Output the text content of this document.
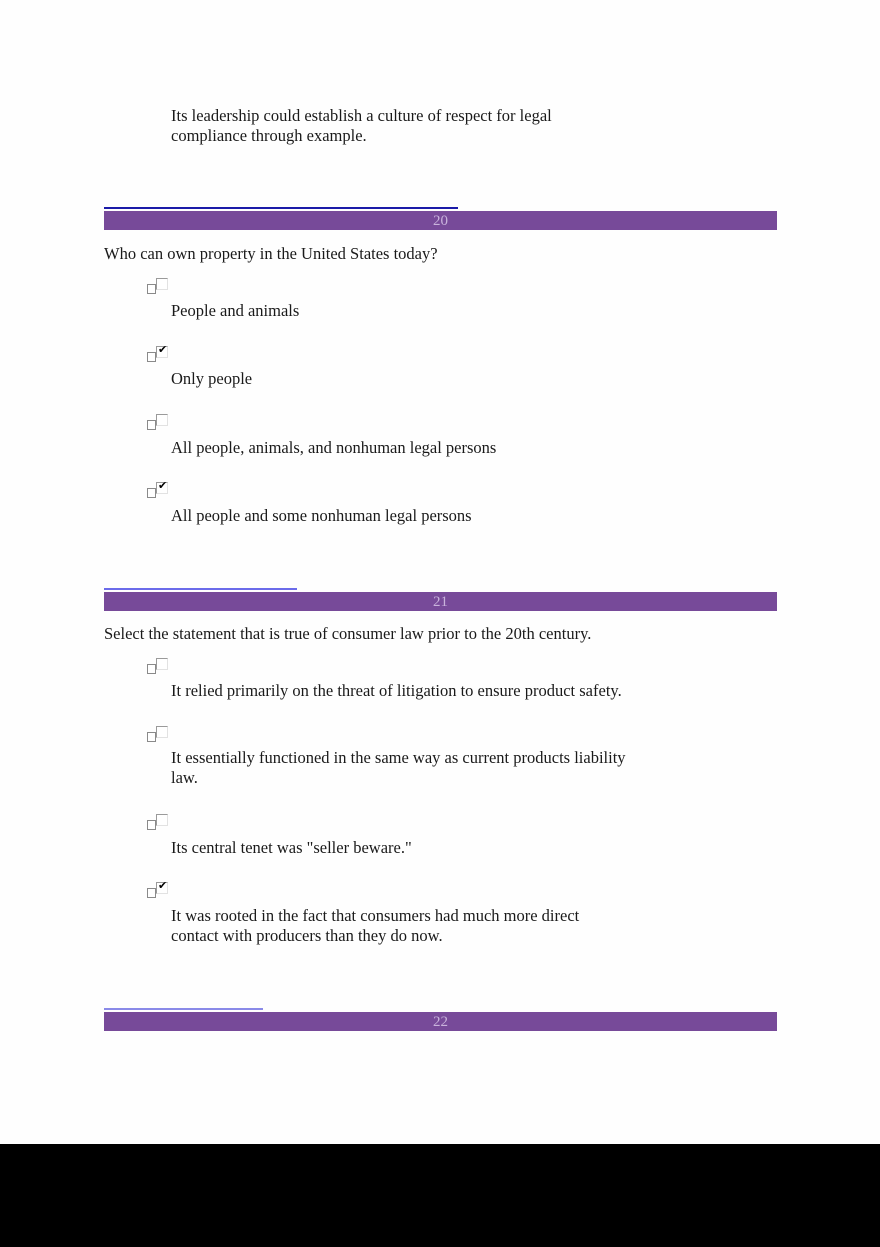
Its leadership could establish a culture of respect for legal
compliance through example.
20
Who can own property in the United States today?
People and animals
✔
Only people
All people, animals, and nonhuman legal persons
✔
All people and some nonhuman legal persons
21
Select the statement that is true of consumer law prior to the 20th century.
It relied primarily on the threat of litigation to ensure product safety.
It essentially functioned in the same way as current products liability
law.
Its central tenet was "seller beware."
✔
It was rooted in the fact that consumers had much more direct
contact with producers than they do now.
22
